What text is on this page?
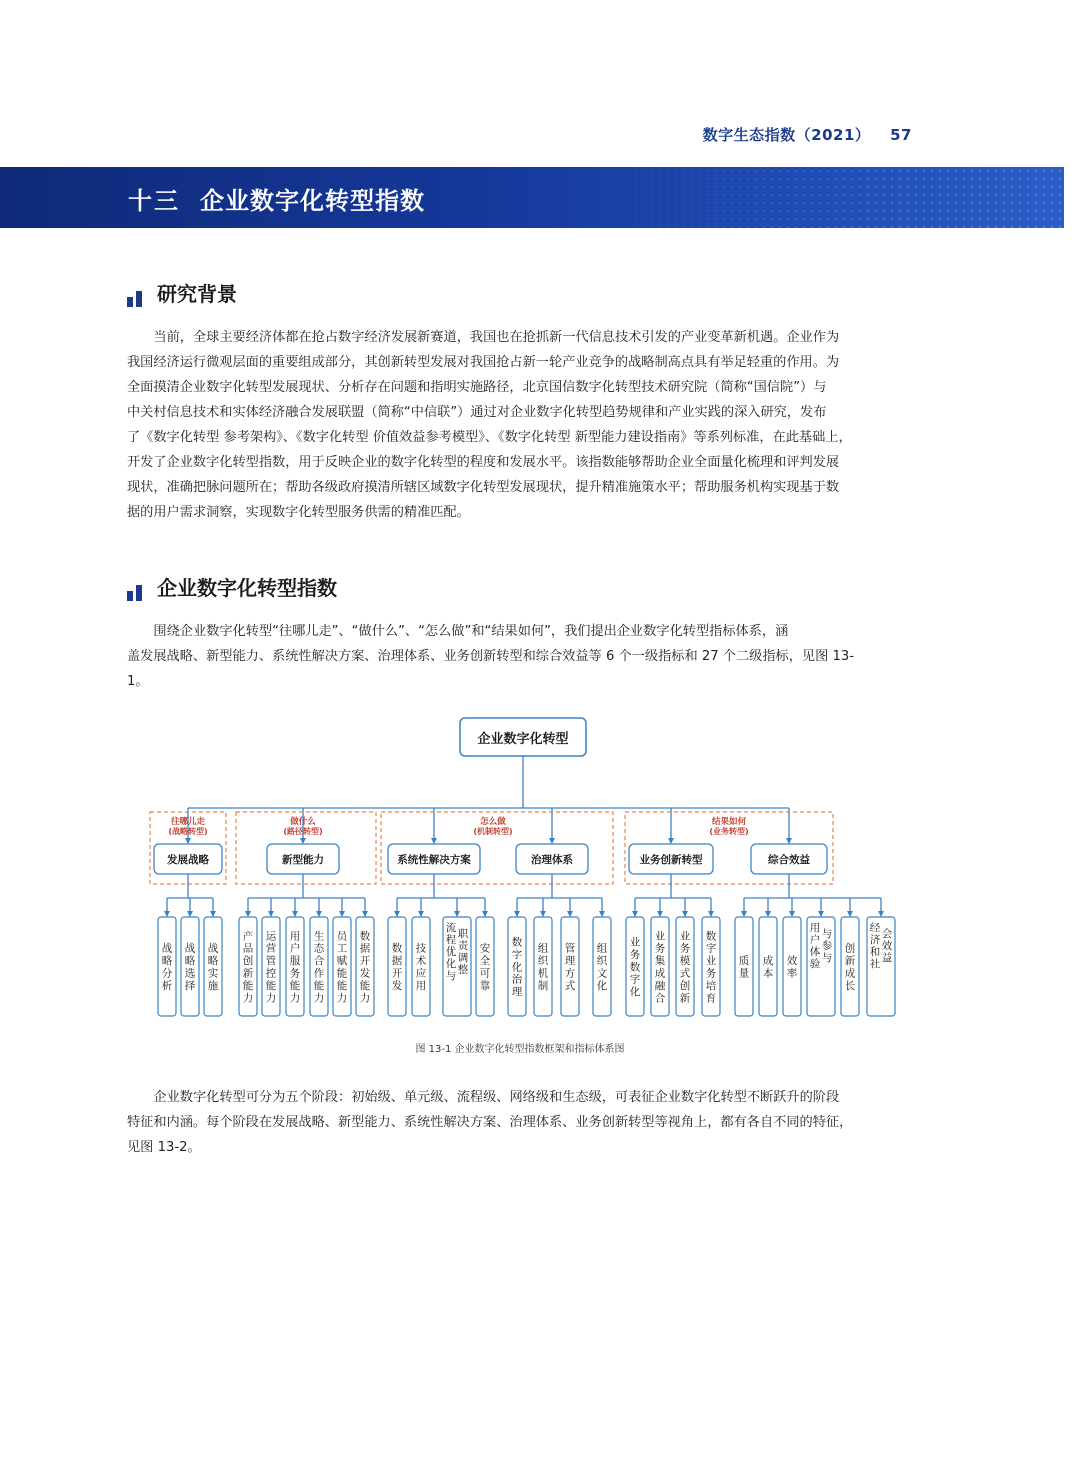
数字生态指数（2021） 57
十三 企业数字化转型指数
研究背景
当前，全球主要经济体都在抢占数字经济发展新赛道，我国也在抢抓新一代信息技术引发的产业变革新机遇。企业作为
我国经济运行微观层面的重要组成部分，其创新转型发展对我国抢占新一轮产业竞争的战略制高点具有举足轻重的作用。为
全面摸清企业数字化转型发展现状、分析存在问题和指明实施路径，北京国信数字化转型技术研究院（简称“国信院”）与
中关村信息技术和实体经济融合发展联盟（简称“中信联”）通过对企业数字化转型趋势规律和产业实践的深入研究，发布
了《数字化转型 参考架构》、《数字化转型 价值效益参考模型》、《数字化转型 新型能力建设指南》等系列标准，在此基础上，
开发了企业数字化转型指数，用于反映企业的数字化转型的程度和发展水平。该指数能够帮助企业全面量化梳理和评判发展
现状，准确把脉问题所在；帮助各级政府摸清所辖区域数字化转型发展现状，提升精准施策水平；帮助服务机构实现基于数
据的用户需求洞察，实现数字化转型服务供需的精准匹配。
企业数字化转型指数
围绕企业数字化转型“往哪儿走”、“做什么”、“怎么做”和“结果如何”，我们提出企业数字化转型指标体系，涵
盖发展战略、新型能力、系统性解决方案、治理体系、业务创新转型和综合效益等 6 个一级指标和 27 个二级指标，见图 13-
1。
企业数字化转型
往哪儿走
(战略转型)
做什么
(路径转型)
怎么做
(机制转型)
结果如何
(业务转型)
发展战略	新型能力	系统性解决方案	治理体系	业务创新转型	综合效益
战略分析
战略选择
战略实施
产品创新能力
运营管控能力
用户服务能力
生态合作能力
员工赋能能力
数据开发能力
数据开发
技术应用
流程优化与职责调整
安全可靠
数字化治理
组织机制
管理方式
组织文化
业务数字化
业务集成融合
业务模式创新
数字业务培育
质量
成本
效率
用户体验与参与
创新成长
经济和社会效益
图 13-1 企业数字化转型指数框架和指标体系图
企业数字化转型可分为五个阶段：初始级、单元级、流程级、网络级和生态级，可表征企业数字化转型不断跃升的阶段
特征和内涵。每个阶段在发展战略、新型能力、系统性解决方案、治理体系、业务创新转型等视角上，都有各自不同的特征，
见图 13-2。
